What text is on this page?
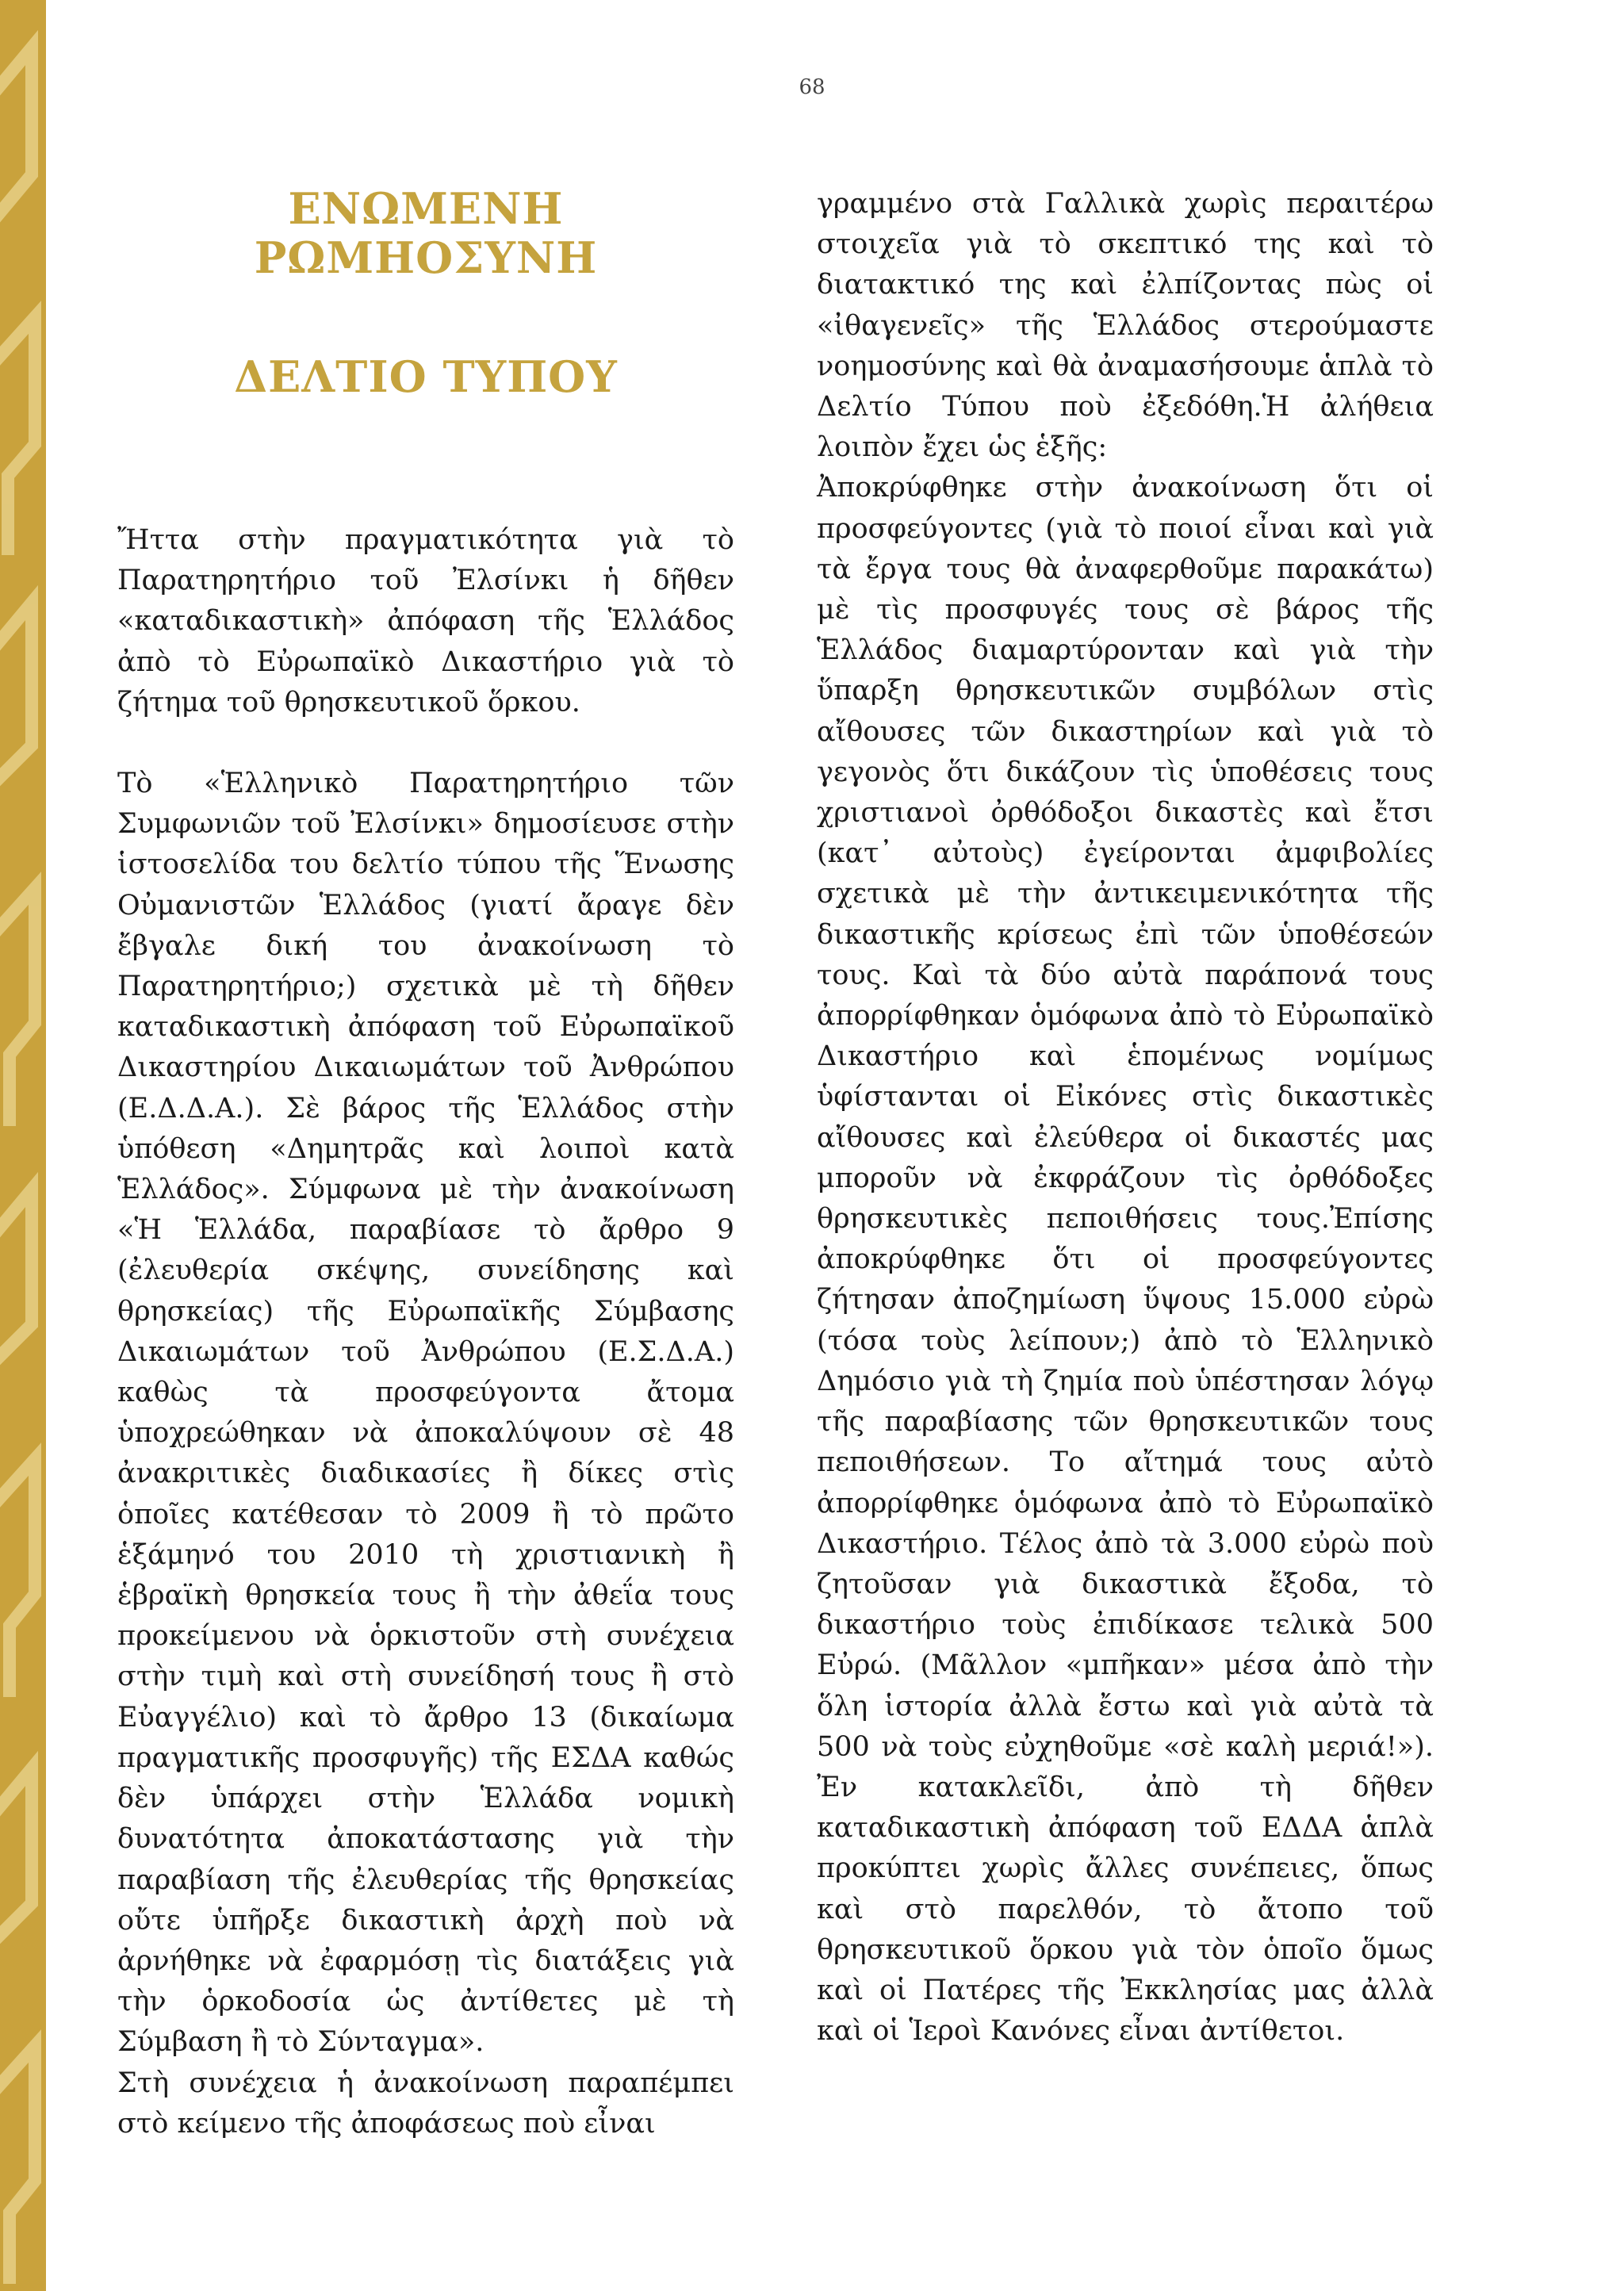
68
ΕΝΩΜΕΝΗ ΡΩΜΗΟΣΥΝΗ
ΔΕΛΤΙΟ ΤΥΠΟΥ

Ἤττα στὴν πραγματικότητα γιὰ τὸ Παρατηρητήριο τοῦ Ἐλσίνκι ἡ δῆθεν «καταδικαστικὴ» ἀπόφαση τῆς Ἑλλάδος ἀπὸ τὸ Εὐρωπαϊκὸ Δικαστήριο γιὰ τὸ ζήτημα τοῦ θρησκευτικοῦ ὅρκου.

Τὸ «Ἑλληνικὸ Παρατηρητήριο τῶν Συμφωνιῶν τοῦ Ἐλσίνκι» δημοσίευσε στὴν ἱστοσελίδα του δελτίο τύπου τῆς Ἕνωσης Οὐμανιστῶν Ἑλλάδος (γιατί ἄραγε δὲν ἔβγαλε δική του ἀνακοίνωση τὸ Παρατηρητήριο;) σχετικὰ μὲ τὴ δῆθεν καταδικαστικὴ ἀπόφαση τοῦ Εὐρωπαϊκοῦ Δικαστηρίου Δικαιωμάτων τοῦ Ἀνθρώπου (Ε.Δ.Δ.Α.). Σὲ βάρος τῆς Ἑλλάδος στὴν ὑπόθεση «Δημητρᾶς καὶ λοιποὶ κατὰ Ἑλλάδος». Σύμφωνα μὲ τὴν ἀνακοίνωση «Ἡ Ἑλλάδα, παραβίασε τὸ ἄρθρο 9 (ἐλευθερία σκέψης, συνείδησης καὶ θρησκείας) τῆς Εὐρωπαϊκῆς Σύμβασης Δικαιωμάτων τοῦ Ἀνθρώπου (Ε.Σ.Δ.Α.) καθὼς τὰ προσφεύγοντα ἄτομα ὑποχρεώθηκαν νὰ ἀποκαλύψουν σὲ 48 ἀνακριτικὲς διαδικασίες ἢ δίκες στὶς ὁποῖες κατέθεσαν τὸ 2009 ἢ τὸ πρῶτο ἑξάμηνό του 2010 τὴ χριστιανικὴ ἢ ἑβραϊκὴ θρησκεία τους ἢ τὴν ἀθεΐα τους προκείμενου νὰ ὁρκιστοῦν στὴ συνέχεια στὴν τιμὴ καὶ στὴ συνείδησή τους ἢ στὸ Εὐαγγέλιο) καὶ τὸ ἄρθρο 13 (δικαίωμα πραγματικῆς προσφυγῆς) τῆς ΕΣΔΑ καθώς δὲν ὑπάρχει στὴν Ἑλλάδα νομικὴ δυνατότητα ἀποκατάστασης γιὰ τὴν παραβίαση τῆς ἐλευθερίας τῆς θρησκείας οὔτε ὑπῆρξε δικαστικὴ ἀρχὴ ποὺ νὰ ἀρνήθηκε νὰ ἐφαρμόσῃ τὶς διατάξεις γιὰ τὴν ὁρκοδοσία ὡς ἀντίθετες μὲ τὴ Σύμβαση ἢ τὸ Σύνταγμα».

Στὴ συνέχεια ἡ ἀνακοίνωση παραπέμπει στὸ κείμενο τῆς ἀποφάσεως ποὺ εἶναι

γραμμένο στὰ Γαλλικὰ χωρὶς περαιτέρω στοιχεῖα γιὰ τὸ σκεπτικό της καὶ τὸ διατακτικό της καὶ ἐλπίζοντας πὼς οἱ «ἰθαγενεῖς» τῆς Ἑλλάδος στερούμαστε νοημοσύνης καὶ θὰ ἀναμασήσουμε ἁπλὰ τὸ Δελτίο Τύπου ποὺ ἐξεδόθη.Ἡ ἀλήθεια λοιπὸν ἔχει ὡς ἑξῆς:

Ἀποκρύφθηκε στὴν ἀνακοίνωση ὅτι οἱ προσφεύγοντες (γιὰ τὸ ποιοί εἶναι καὶ γιὰ τὰ ἔργα τους θὰ ἀναφερθοῦμε παρακάτω) μὲ τὶς προσφυγές τους σὲ βάρος τῆς Ἑλλάδος διαμαρτύρονταν καὶ γιὰ τὴν ὕπαρξη θρησκευτικῶν συμβόλων στὶς αἴθουσες τῶν δικαστηρίων καὶ γιὰ τὸ γεγονὸς ὅτι δικάζουν τὶς ὑποθέσεις τους χριστιανοὶ ὀρθόδοξοι δικαστὲς καὶ ἔτσι (κατ᾽ αὐτοὺς) ἐγείρονται ἀμφιβολίες σχετικὰ μὲ τὴν ἀντικειμενικότητα τῆς δικαστικῆς κρίσεως ἐπὶ τῶν ὑποθέσεών τους. Καὶ τὰ δύο αὐτὰ παράπονά τους ἀπορρίφθηκαν ὁμόφωνα ἀπὸ τὸ Εὐρωπαϊκὸ Δικαστήριο καὶ ἑπομένως νομίμως ὑφίστανται οἱ Εἰκόνες στὶς δικαστικὲς αἴθουσες καὶ ἐλεύθερα οἱ δικαστές μας μποροῦν νὰ ἐκφράζουν τὶς ὀρθόδοξες θρησκευτικὲς πεποιθήσεις τους.Ἐπίσης ἀποκρύφθηκε ὅτι οἱ προσφεύγοντες ζήτησαν ἀποζημίωση ὕψους 15.000 εὐρὼ (τόσα τοὺς λείπουν;) ἀπὸ τὸ Ἑλληνικὸ Δημόσιο γιὰ τὴ ζημία ποὺ ὑπέστησαν λόγῳ τῆς παραβίασης τῶν θρησκευτικῶν τους πεποιθήσεων. Το αἴτημά τους αὐτὸ ἀπορρίφθηκε ὁμόφωνα ἀπὸ τὸ Εὐρωπαϊκὸ Δικαστήριο. Τέλος ἀπὸ τὰ 3.000 εὐρὼ ποὺ ζητοῦσαν γιὰ δικαστικὰ ἔξοδα, τὸ δικαστήριο τοὺς ἐπιδίκασε τελικὰ 500 Εὐρώ. (Μᾶλλον «μπῆκαν» μέσα ἀπὸ τὴν ὅλη ἱστορία ἀλλὰ ἔστω καὶ γιὰ αὐτὰ τὰ 500 νὰ τοὺς εὐχηθοῦμε «σὲ καλὴ μεριά!»). Ἐν κατακλεῖδι, ἀπὸ τὴ δῆθεν καταδικαστικὴ ἀπόφαση τοῦ ΕΔΔΑ ἁπλὰ προκύπτει χωρὶς ἄλλες συνέπειες, ὅπως καὶ στὸ παρελθόν, τὸ ἄτοπο τοῦ θρησκευτικοῦ ὅρκου γιὰ τὸν ὁποῖο ὅμως καὶ οἱ Πατέρες τῆς Ἐκκλησίας μας ἀλλὰ καὶ οἱ Ἱεροὶ Κανόνες εἶναι ἀντίθετοι.
